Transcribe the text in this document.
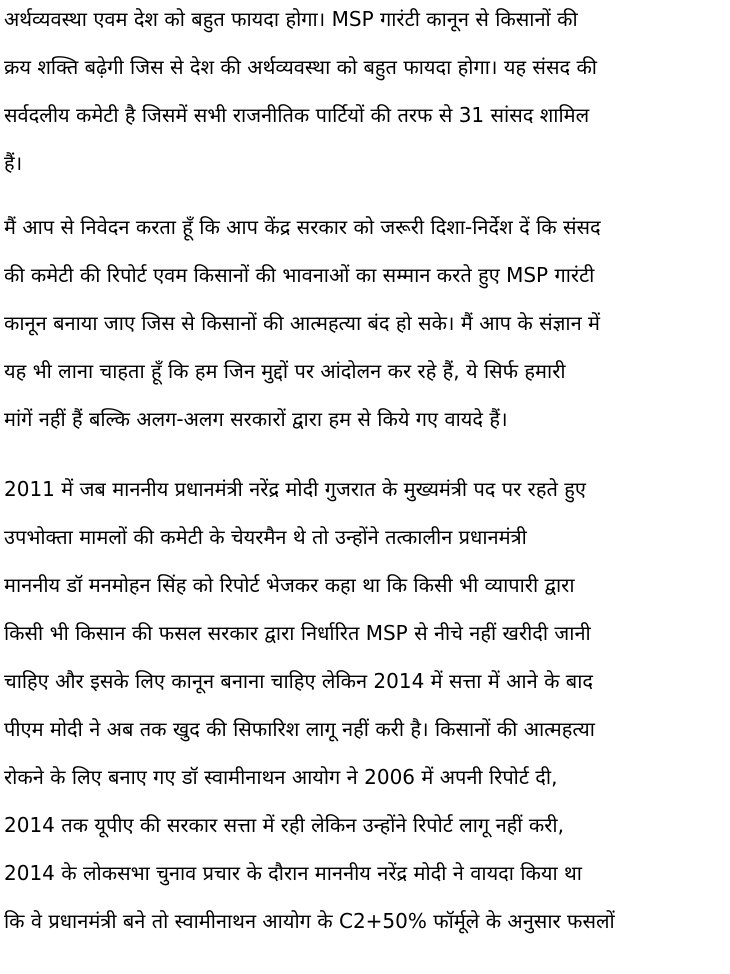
अर्थव्यवस्था एवम देश को बहुत फायदा होगा। MSP गारंटी कानून से किसानों की
क्रय शक्ति बढ़ेगी जिस से देश की अर्थव्यवस्था को बहुत फायदा होगा। यह संसद की
सर्वदलीय कमेटी है जिसमें सभी राजनीतिक पार्टियों की तरफ से 31 सांसद शामिल
हैं।
मैं आप से निवेदन करता हूँ कि आप केंद्र सरकार को जरूरी दिशा-निर्देश दें कि संसद
की कमेटी की रिपोर्ट एवम किसानों की भावनाओं का सम्मान करते हुए MSP गारंटी
कानून बनाया जाए जिस से किसानों की आत्महत्या बंद हो सके। मैं आप के संज्ञान में
यह भी लाना चाहता हूँ कि हम जिन मुद्दों पर आंदोलन कर रहे हैं, ये सिर्फ हमारी
मांगें नहीं हैं बल्कि अलग-अलग सरकारों द्वारा हम से किये गए वायदे हैं।
2011 में जब माननीय प्रधानमंत्री नरेंद्र मोदी गुजरात के मुख्यमंत्री पद पर रहते हुए
उपभोक्ता मामलों की कमेटी के चेयरमैन थे तो उन्होंने तत्कालीन प्रधानमंत्री
माननीय डॉ मनमोहन सिंह को रिपोर्ट भेजकर कहा था कि किसी भी व्यापारी द्वारा
किसी भी किसान की फसल सरकार द्वारा निर्धारित MSP से नीचे नहीं खरीदी जानी
चाहिए और इसके लिए कानून बनाना चाहिए लेकिन 2014 में सत्ता में आने के बाद
पीएम मोदी ने अब तक खुद की सिफारिश लागू नहीं करी है। किसानों की आत्महत्या
रोकने के लिए बनाए गए डॉ स्वामीनाथन आयोग ने 2006 में अपनी रिपोर्ट दी,
2014 तक यूपीए की सरकार सत्ता में रही लेकिन उन्होंने रिपोर्ट लागू नहीं करी,
2014 के लोकसभा चुनाव प्रचार के दौरान माननीय नरेंद्र मोदी ने वायदा किया था
कि वे प्रधानमंत्री बने तो स्वामीनाथन आयोग के C2+50% फॉर्मूले के अनुसार फसलों
